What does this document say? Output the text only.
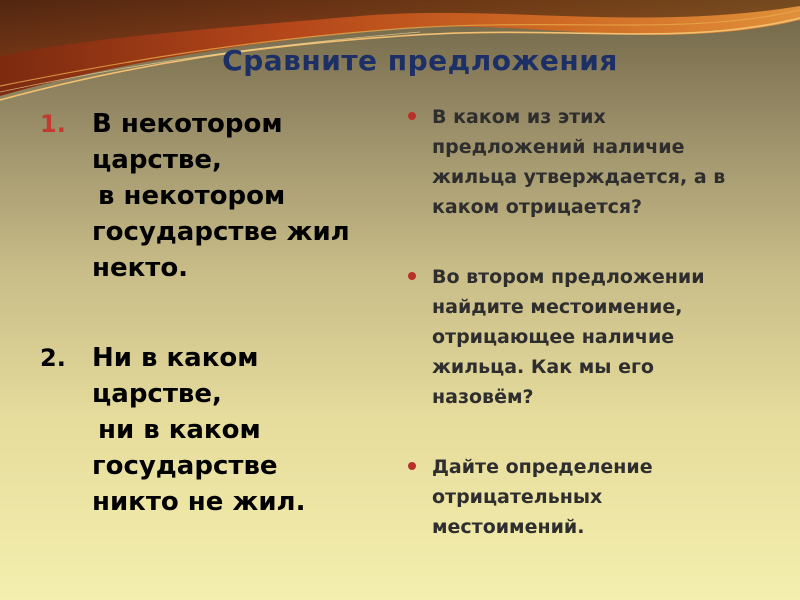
Сравните предложения
1.	В некотором
царстве,
в некотором
государстве жил
некто.
2.	Ни в каком
царстве,
ни в каком
государстве
никто не жил.
В каком из этих
предложений наличие
жильца утверждается, а в
каком отрицается?
Во втором предложении
найдите местоимение,
отрицающее наличие
жильца. Как мы его
назовём?
Дайте определение
отрицательных
местоимений.
